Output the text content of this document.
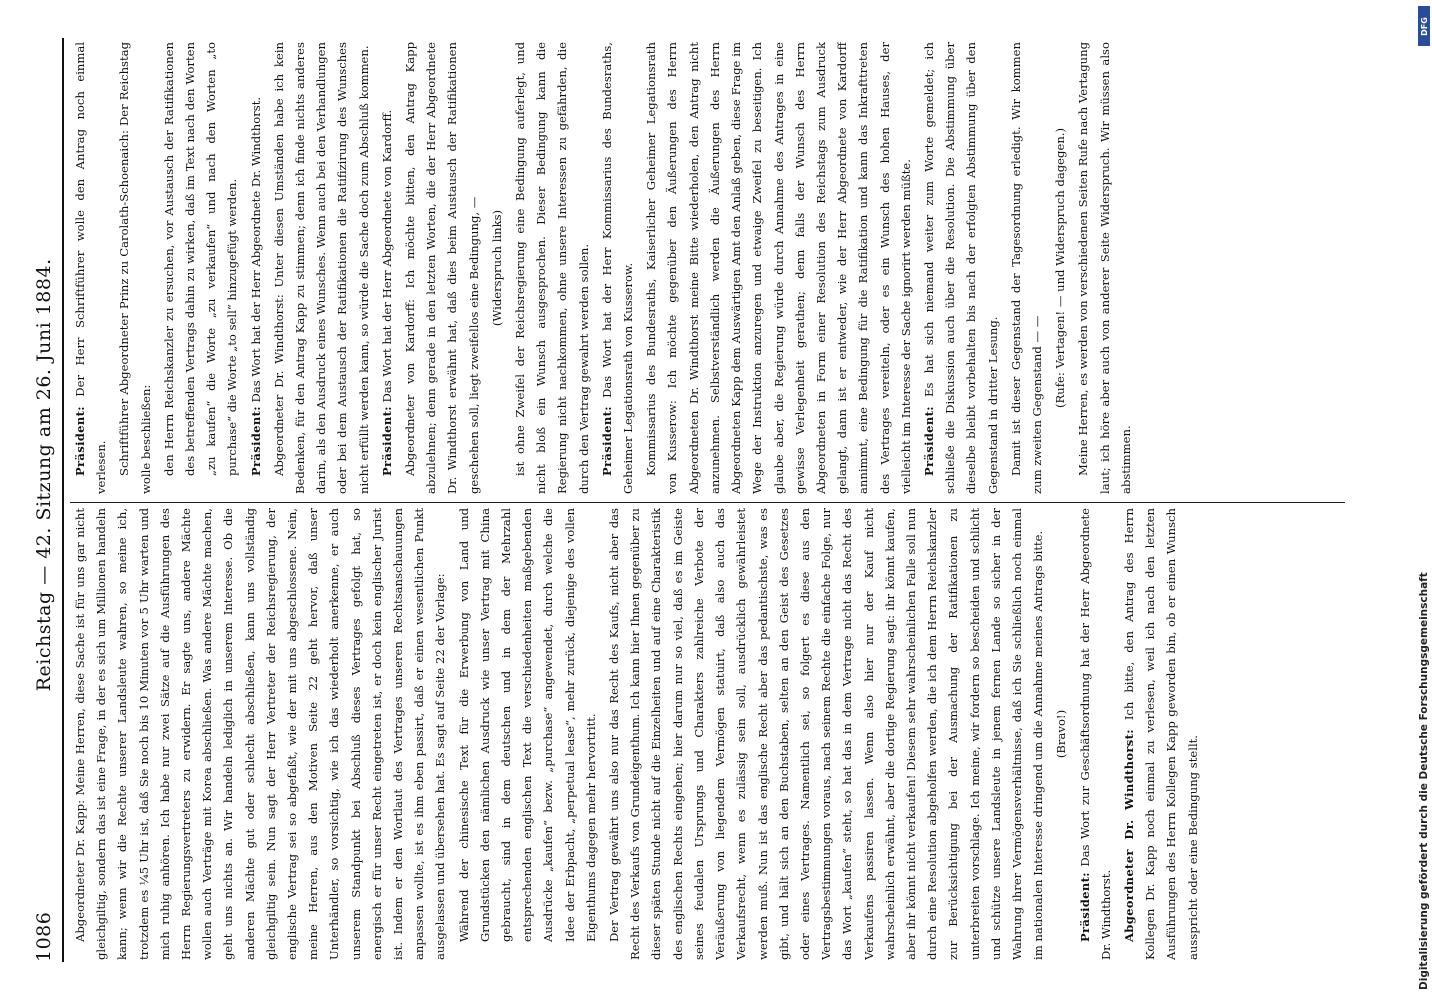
1086
Reichstag — 42. Sitzung am 26. Juni 1884.

Abgeordneter Dr. Kapp: Meine Herren, diese Sache ist für uns gar nicht gleichgiltig, sondern das ist eine Frage, in der es sich um Millionen handeln kann; wenn wir die Rechte unserer Landsleute wahren, so meine ich, trotzdem es ¼5 Uhr ist, daß Sie noch bis 10 Minuten vor 5 Uhr warten und mich ruhig anhören. Ich habe nur zwei Sätze auf die Ausführungen des Herrn Regierungsvertreters zu erwidern. Er sagte uns, andere Mächte wollen auch Verträge mit Korea abschließen. Was andere Mächte machen, geht uns nichts an. Wir handeln lediglich in unserem Interesse. Ob die anderen Mächte gut oder schlecht abschließen, kann uns vollständig gleichgiltig sein. Nun sagt der Herr Vertreter der Reichsregierung, der englische Vertrag sei so abgefaßt, wie der mit uns abgeschlossene. Nein, meine Herren, aus den Motiven Seite 22 geht hervor, daß unser Unterhändler, so vorsichtig, wie ich das wiederholt anerkenne, er auch unserem Standpunkt bei Abschluß dieses Vertrages gefolgt hat, so energisch er für unser Recht eingetreten ist, er doch kein englischer Jurist ist. Indem er den Wortlaut des Vertrages unseren Rechtsanschauungen anpassen wollte, ist es ihm eben passirt, daß er einen wesentlichen Punkt ausgelassen und übersehen hat. Es sagt auf Seite 22 der Vorlage: Während der chinesische Text für die Erwerbung von Land und Grundstücken den nämlichen Ausdruck wie unser Vertrag mit China gebraucht, sind in dem deutschen und in dem der Mehrzahl entsprechenden englischen Text die verschiedenheiten maßgebenden Ausdrücke „kaufen“ bezw. „purchase“ angewendet, durch welche die Idee der Erbpacht, „perpetual lease“, mehr zurück, diejenige des vollen Eigenthums dagegen mehr hervortritt. Der Vertrag gewährt uns also nur das Recht des Kaufs, nicht aber das Recht des Verkaufs von Grundeigenthum. Ich kann hier Ihnen gegenüber zu dieser späten Stunde nicht auf die Einzelheiten und auf eine Charakteristik des englischen Rechts eingehen; hier darum nur so viel, daß es im Geiste seines feudalen Ursprungs und Charakters zahlreiche Verbote der Veräußerung von liegendem Vermögen statuirt, daß also auch das Verkaufsrecht, wenn es zulässig sein soll, ausdrücklich gewährleistet werden muß. Nun ist das englische Recht aber das pedantischste, was es gibt, und hält sich an den Buchstaben, selten an den Geist des Gesetzes oder eines Vertrages. Namentlich sei, so folgert es diese aus den Vertragsbestimmungen voraus, nach seinem Rechte die einfache Folge, nur das Wort „kaufen“ steht, so hat das in dem Vertrage nicht das Recht des Verkaufens passiren lassen. Wenn also hier nur der Kauf nicht wahrscheinlich erwähnt, aber die dortige Regierung sagt: ihr könnt kaufen, aber ihr könnt nicht verkaufen! Diesem sehr wahrscheinlichen Falle soll nun durch eine Resolution abgeholfen werden, die ich dem Herrn Reichskanzler zur Berücksichtigung bei der Ausmachung der Ratifikationen zu unterbreiten vorschlage. Ich meine, wir fordern so bescheiden und schlicht und schütze unsere Landsleute in jenem fernen Lande so sicher in der Wahrung ihrer Vermögensverhältnisse, daß ich Sie schließlich noch einmal im nationalen Interesse dringend um die Annahme meines Antrags bitte. (Bravo!)

Präsident: Das Wort zur Geschäftsordnung hat der Herr Abgeordnete Dr. Windthorst. Abgeordneter Dr. Windthorst: Ich bitte, den Antrag des Herrn Kollegen Dr. Kapp noch einmal zu verlesen, weil ich nach den letzten Ausführungen des Herrn Kollegen Kapp geworden bin, ob er einen Wunsch ausspricht oder eine Bedingung stellt.

Präsident: Der Herr Schriftführer wolle den Antrag noch einmal verlesen. Schriftführer Abgeordneter Prinz zu Carolath-Schoenaich: Der Reichstag wolle beschließen: den Herrn Reichskanzler zu ersuchen, vor Austausch der Ratifikationen des betreffenden Vertrags dahin zu wirken, daß im Text nach den Worten „zu kaufen“ die Worte „zu verkaufen“ und nach den Worten „to purchase“ die Worte „to sell“ hinzugefügt werden. Präsident: Das Wort hat der Herr Abgeordnete Dr. Windthorst. Abgeordneter Dr. Windthorst: Unter diesen Umständen habe ich kein Bedenken, für den Antrag Kapp zu stimmen; denn ich finde nichts anderes darin, als den Ausdruck eines Wunsches. Wenn auch bei den Verhandlungen oder bei dem Austausch der Ratifikationen die Ratifizirung des Wunsches nicht erfüllt werden kann, so würde die Sache doch zum Abschluß kommen. Präsident: Das Wort hat der Herr Abgeordnete von Kardorff. Abgeordneter von Kardorff: Ich möchte bitten, den Antrag Kapp abzulehnen; denn gerade in den letzten Worten, die der Herr Abgeordnete Dr. Windthorst erwähnt hat, daß dies beim Austausch der Ratifikationen geschehen soll, liegt zweifellos eine Bedingung, — (Widerspruch links) ist ohne Zweifel der Reichsregierung eine Bedingung auferlegt, und nicht bloß ein Wunsch ausgesprochen. Dieser Bedingung kann die Regierung nicht nachkommen, ohne unsere Interessen zu gefährden, die durch den Vertrag gewahrt werden sollen. Präsident: Das Wort hat der Herr Kommissarius des Bundesraths, Geheimer Legationsrath von Kusserow. Kommissarius des Bundesraths, Kaiserlicher Geheimer Legationsrath von Kusserow: Ich möchte gegenüber den Äußerungen des Herrn Abgeordneten Dr. Windthorst meine Bitte wiederholen, den Antrag nicht anzunehmen. Selbstverständlich werden die Äußerungen des Herrn Abgeordneten Kapp dem Auswärtigen Amt den Anlaß geben, diese Frage im Wege der Instruktion anzuregen und etwaige Zweifel zu beseitigen. Ich glaube aber, die Regierung würde durch Annahme des Antrages in eine gewisse Verlegenheit gerathen; denn falls der Wunsch des Herrn Abgeordneten in Form einer Resolution des Reichstags zum Ausdruck gelangt, dann ist er entweder, wie der Herr Abgeordnete von Kardorff annimmt, eine Bedingung für die Ratifikation und kann das Inkrafttreten des Vertrages vereiteln, oder es ein Wunsch des hohen Hauses, der vielleicht im Interesse der Sache ignorirt werden müßte. Präsident: Es hat sich niemand weiter zum Worte gemeldet; ich schließe die Diskussion auch über die Resolution. Die Abstimmung über dieselbe bleibt vorbehalten bis nach der erfolgten Abstimmung über den Gegenstand in dritter Lesung. Damit ist dieser Gegenstand der Tagesordnung erledigt. Wir kommen zum zweiten Gegenstand — — (Rufe: Vertagen! — und Widerspruch dagegen.) Meine Herren, es werden von verschiedenen Seiten Rufe nach Vertagung laut; ich höre aber auch von anderer Seite Widerspruch. Wir müssen also abstimmen.

Digitalisierung gefördert durch die Deutsche Forschungsgemeinschaft
DFG
